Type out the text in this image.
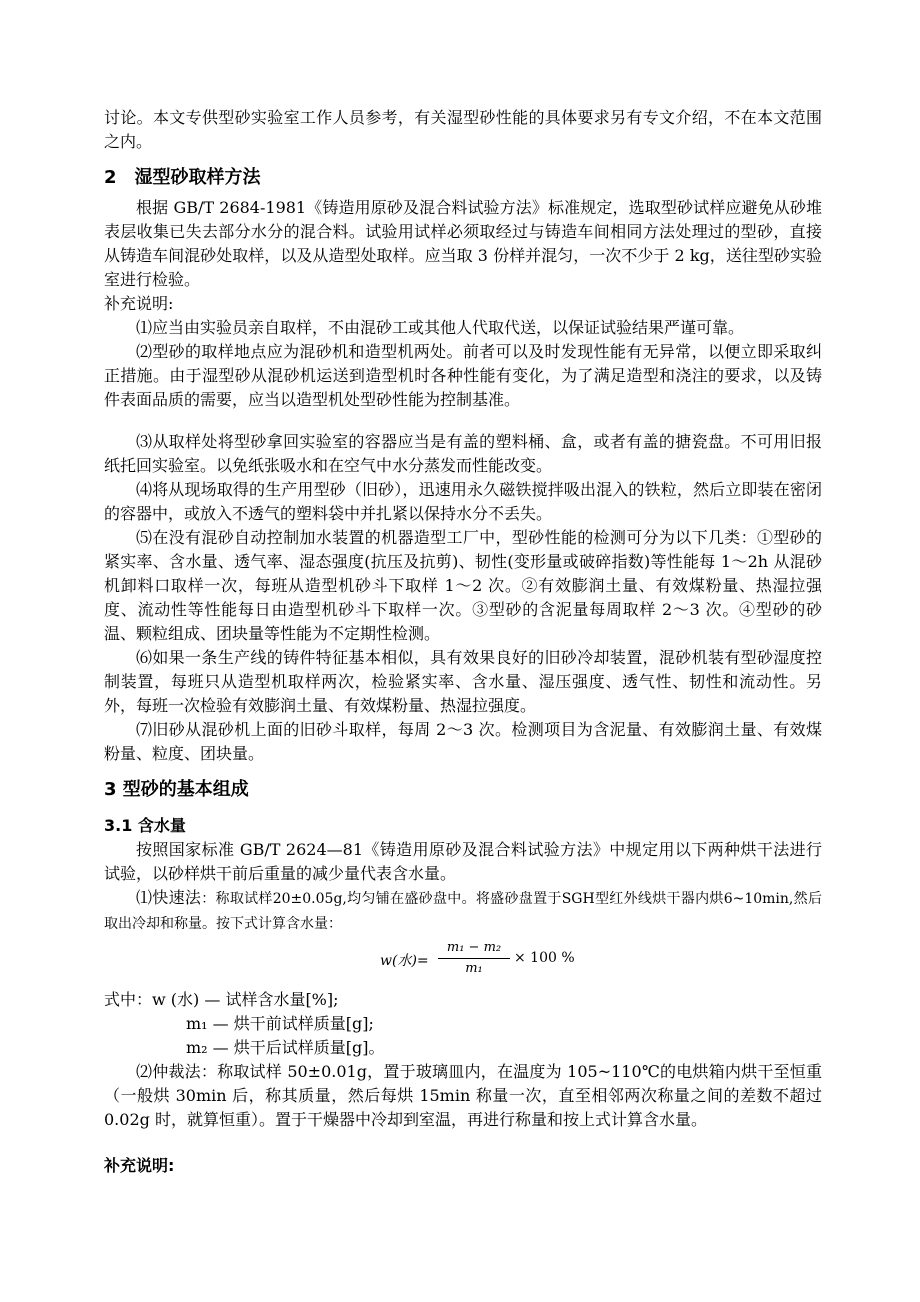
讨论。本文专供型砂实验室工作人员参考，有关湿型砂性能的具体要求另有专文介绍，不在本文范围之内。

2　湿型砂取样方法

根据 GB/T 2684-1981《铸造用原砂及混合料试验方法》标准规定，选取型砂试样应避免从砂堆表层收集已失去部分水分的混合料。试验用试样必须取经过与铸造车间相同方法处理过的型砂，直接从铸造车间混砂处取样，以及从造型处取样。应当取 3 份样并混匀，一次不少于 2 kg，送往型砂实验室进行检验。

补充说明:

⑴应当由实验员亲自取样，不由混砂工或其他人代取代送，以保证试验结果严谨可靠。

⑵型砂的取样地点应为混砂机和造型机两处。前者可以及时发现性能有无异常，以便立即采取纠正措施。由于湿型砂从混砂机运送到造型机时各种性能有变化，为了满足造型和浇注的要求，以及铸件表面品质的需要，应当以造型机处型砂性能为控制基准。

⑶从取样处将型砂拿回实验室的容器应当是有盖的塑料桶、盒，或者有盖的搪瓷盘。不可用旧报纸托回实验室。以免纸张吸水和在空气中水分蒸发而性能改变。

⑷将从现场取得的生产用型砂（旧砂），迅速用永久磁铁搅拌吸出混入的铁粒，然后立即装在密闭的容器中，或放入不透气的塑料袋中并扎紧以保持水分不丢失。

⑸在没有混砂自动控制加水装置的机器造型工厂中，型砂性能的检测可分为以下几类：①型砂的紧实率、含水量、透气率、湿态强度(抗压及抗剪)、韧性(变形量或破碎指数)等性能每 1～2h 从混砂机卸料口取样一次，每班从造型机砂斗下取样 1～2 次。②有效膨润土量、有效煤粉量、热湿拉强度、流动性等性能每日由造型机砂斗下取样一次。③型砂的含泥量每周取样 2～3 次。④型砂的砂温、颗粒组成、团块量等性能为不定期性检测。

⑹如果一条生产线的铸件特征基本相似，具有效果良好的旧砂冷却装置，混砂机装有型砂湿度控制装置，每班只从造型机取样两次，检验紧实率、含水量、湿压强度、透气性、韧性和流动性。另外，每班一次检验有效膨润土量、有效煤粉量、热湿拉强度。

⑺旧砂从混砂机上面的旧砂斗取样，每周 2～3 次。检测项目为含泥量、有效膨润土量、有效煤粉量、粒度、团块量。

3 型砂的基本组成
3.1 含水量

按照国家标准 GB/T 2624—81《铸造用原砂及混合料试验方法》中规定用以下两种烘干法进行试验，以砂样烘干前后重量的减少量代表含水量。

⑴快速法：称取试样20±0.05g,均匀铺在盛砂盘中。将盛砂盘置于SGH型红外线烘干器内烘6~10min,然后取出冷却和称量。按下式计算含水量：

w(水)=
m₁ − m₂
m₁
× 100 %

式中：w (水) — 试样含水量[%];

m₁ — 烘干前试样质量[g];

m₂ — 烘干后试样质量[g]。

⑵仲裁法：称取试样 50±0.01g，置于玻璃皿内，在温度为 105~110℃的电烘箱内烘干至恒重（一般烘 30min 后，称其质量，然后每烘 15min 称量一次，直至相邻两次称量之间的差数不超过 0.02g 时，就算恒重）。置于干燥器中冷却到室温，再进行称量和按上式计算含水量。

补充说明:
